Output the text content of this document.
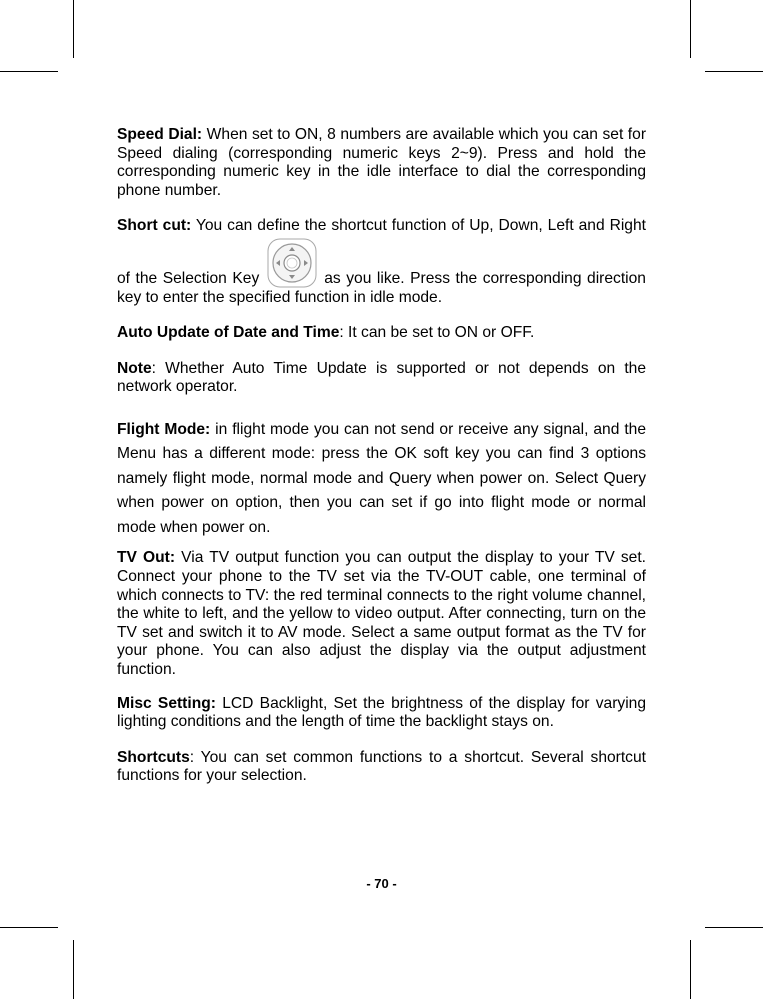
Speed Dial: When set to ON, 8 numbers are available which you can set for Speed dialing (corresponding numeric keys 2~9). Press and hold the corresponding numeric key in the idle interface to dial the corresponding phone number.

Short cut: You can define the shortcut function of Up, Down, Left and Right of the Selection Key	as you like. Press the corresponding direction key to enter the specified function in idle mode.

Auto Update of Date and Time: It can be set to ON or OFF.

Note: Whether Auto Time Update is supported or not depends on the network operator.

Flight Mode: in flight mode you can not send or receive any signal, and the Menu has a different mode: press the OK soft key you can find 3 options namely flight mode, normal mode and Query when power on. Select Query when power on option, then you can set if go into flight mode or normal mode when power on.

TV Out: Via TV output function you can output the display to your TV set. Connect your phone to the TV set via the TV-OUT cable, one terminal of which connects to TV: the red terminal connects to the right volume channel, the white to left, and the yellow to video output. After connecting, turn on the TV set and switch it to AV mode. Select a same output format as the TV for your phone. You can also adjust the display via the output adjustment function.

Misc Setting: LCD Backlight, Set the brightness of the display for varying lighting conditions and the length of time the backlight stays on.

Shortcuts: You can set common functions to a shortcut. Several shortcut functions for your selection.

- 70 -
